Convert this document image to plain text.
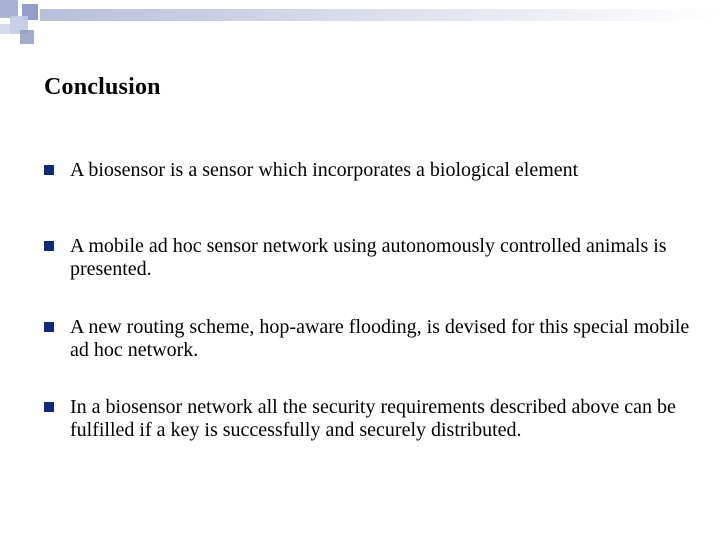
Conclusion
A biosensor is a sensor which incorporates a biological element
A mobile ad hoc sensor network using autonomously controlled animals is presented.
A new routing scheme, hop-aware flooding, is devised for this special mobile ad hoc network.
In a biosensor network all the security requirements described above can be fulfilled if a key is successfully and securely distributed.
